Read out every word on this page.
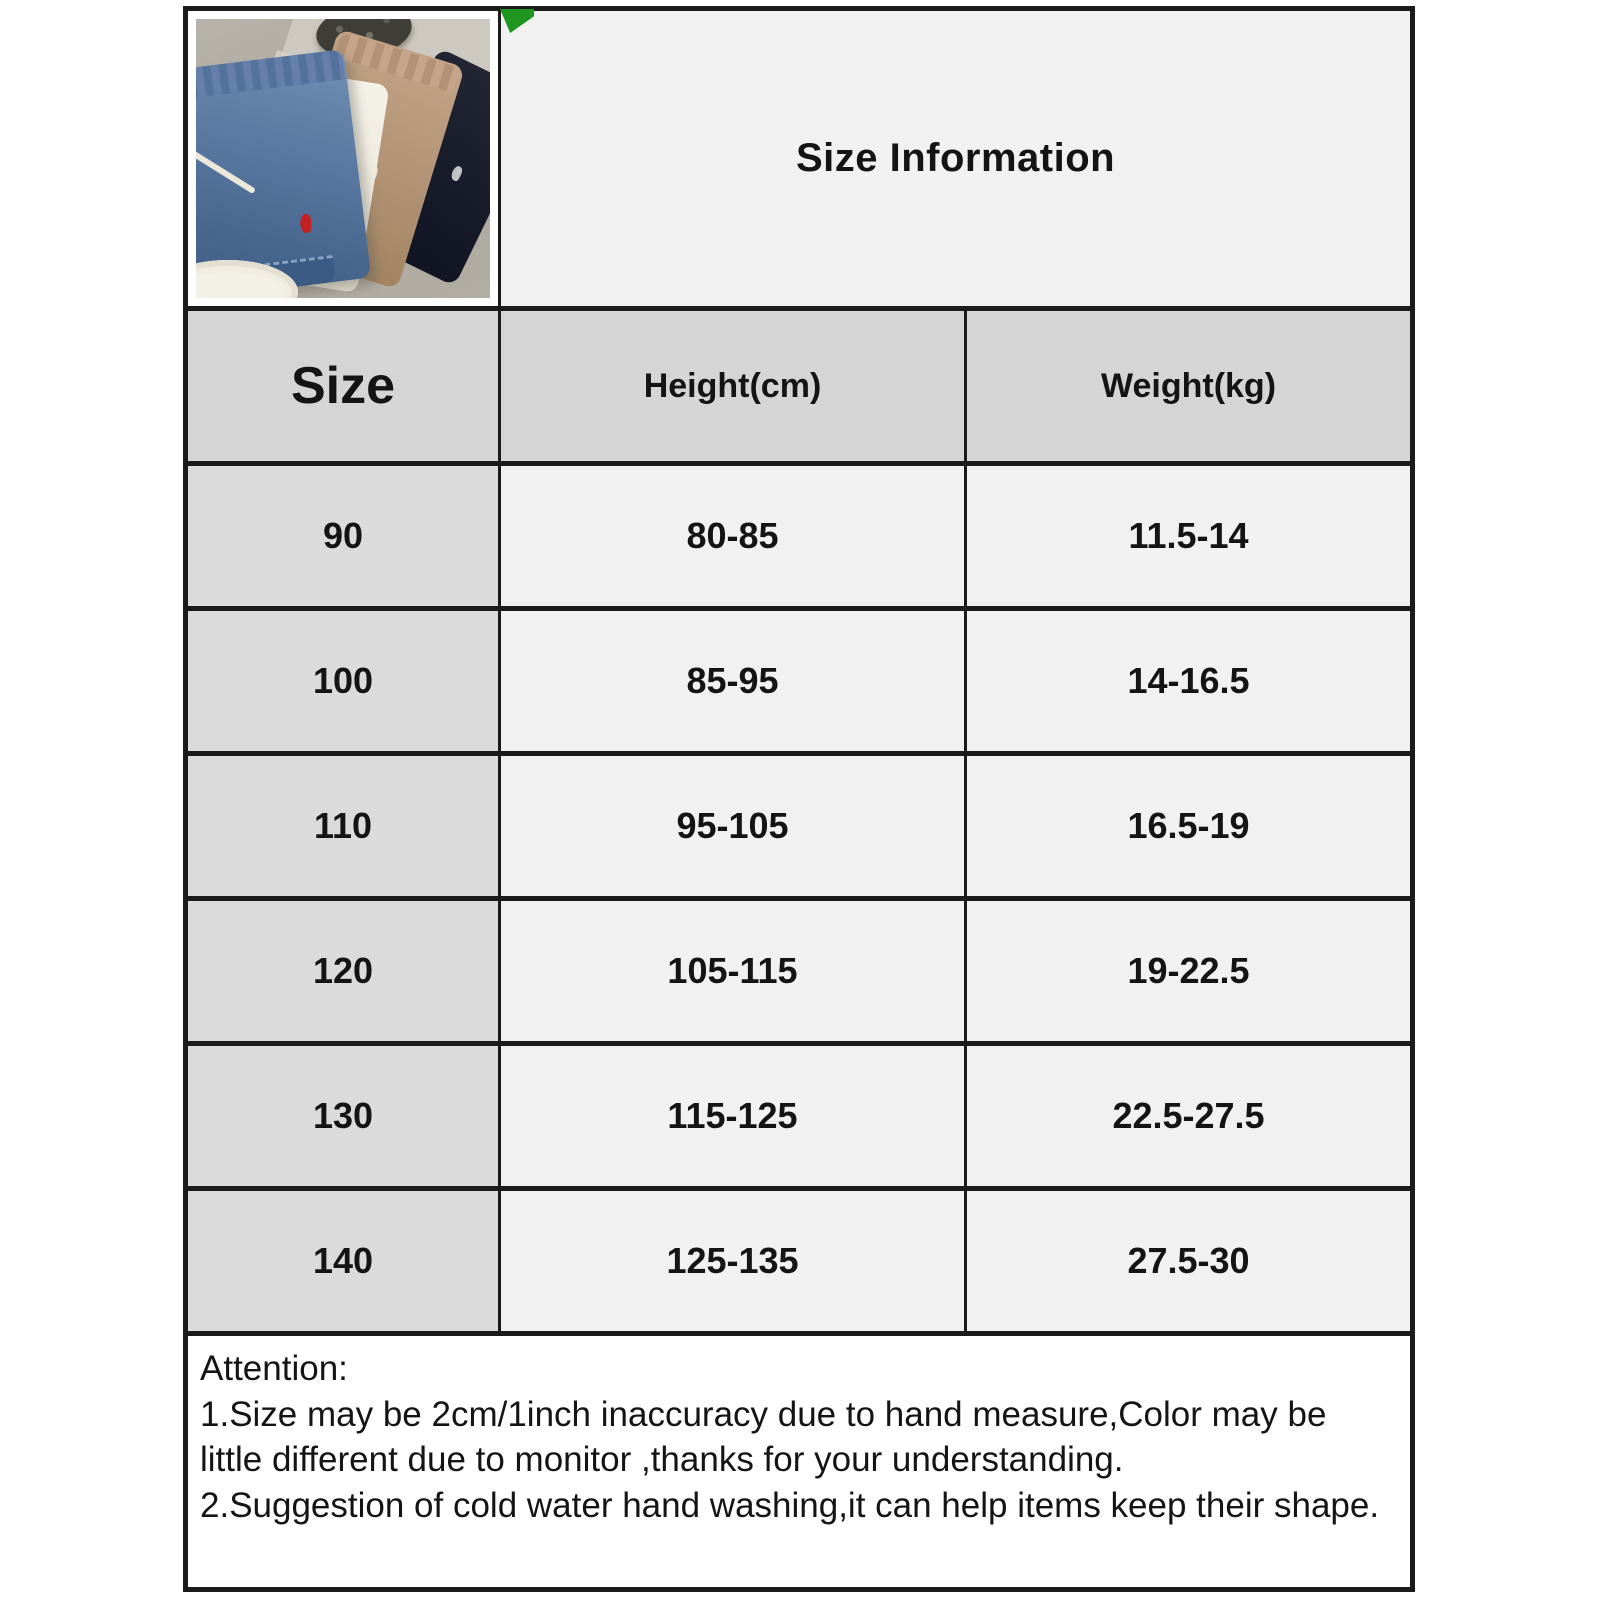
	Size Information	

Size	Height(cm)	Weight(kg)
90	80-85	11.5-14
100	85-95	14-16.5
110	95-105	16.5-19
120	105-115	19-22.5
130	115-125	22.5-27.5
140	125-135	27.5-30

Attention:
1.Size may be 2cm/1inch inaccuracy due to hand measure,Color may be little different due to monitor ,thanks for your understanding.
2.Suggestion of cold water hand washing,it can help items keep their shape.		
